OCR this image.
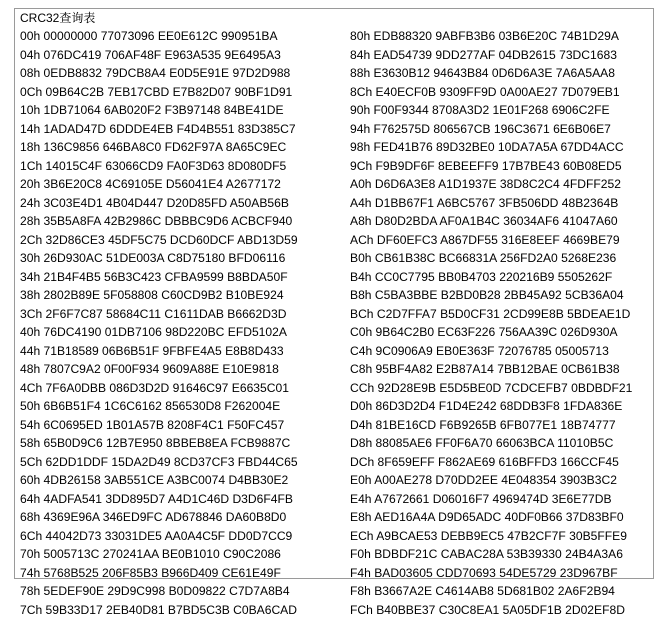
CRC32查询表
00h 00000000 77073096 EE0E612C 990951BA
04h 076DC419 706AF48F E963A535 9E6495A3
08h 0EDB8832 79DCB8A4 E0D5E91E 97D2D988
0Ch 09B64C2B 7EB17CBD E7B82D07 90BF1D91
10h 1DB71064 6AB020F2 F3B97148 84BE41DE
14h 1ADAD47D 6DDDE4EB F4D4B551 83D385C7
18h 136C9856 646BA8C0 FD62F97A 8A65C9EC
1Ch 14015C4F 63066CD9 FA0F3D63 8D080DF5
20h 3B6E20C8 4C69105E D56041E4 A2677172
24h 3C03E4D1 4B04D447 D20D85FD A50AB56B
28h 35B5A8FA 42B2986C DBBBC9D6 ACBCF940
2Ch 32D86CE3 45DF5C75 DCD60DCF ABD13D59
30h 26D930AC 51DE003A C8D75180 BFD06116
34h 21B4F4B5 56B3C423 CFBA9599 B8BDA50F
38h 2802B89E 5F058808 C60CD9B2 B10BE924
3Ch 2F6F7C87 58684C11 C1611DAB B6662D3D
40h 76DC4190 01DB7106 98D220BC EFD5102A
44h 71B18589 06B6B51F 9FBFE4A5 E8B8D433
48h 7807C9A2 0F00F934 9609A88E E10E9818
4Ch 7F6A0DBB 086D3D2D 91646C97 E6635C01
50h 6B6B51F4 1C6C6162 856530D8 F262004E
54h 6C0695ED 1B01A57B 8208F4C1 F50FC457
58h 65B0D9C6 12B7E950 8BBEB8EA FCB9887C
5Ch 62DD1DDF 15DA2D49 8CD37CF3 FBD44C65
60h 4DB26158 3AB551CE A3BC0074 D4BB30E2
64h 4ADFA541 3DD895D7 A4D1C46D D3D6F4FB
68h 4369E96A 346ED9FC AD678846 DA60B8D0
6Ch 44042D73 33031DE5 AA0A4C5F DD0D7CC9
70h 5005713C 270241AA BE0B1010 C90C2086
74h 5768B525 206F85B3 B966D409 CE61E49F
78h 5EDEF90E 29D9C998 B0D09822 C7D7A8B4
7Ch 59B33D17 2EB40D81 B7BD5C3B C0BA6CAD
80h EDB88320 9ABFB3B6 03B6E20C 74B1D29A
84h EAD54739 9DD277AF 04DB2615 73DC1683
88h E3630B12 94643B84 0D6D6A3E 7A6A5AA8
8Ch E40ECF0B 9309FF9D 0A00AE27 7D079EB1
90h F00F9344 8708A3D2 1E01F268 6906C2FE
94h F762575D 806567CB 196C3671 6E6B06E7
98h FED41B76 89D32BE0 10DA7A5A 67DD4ACC
9Ch F9B9DF6F 8EBEEFF9 17B7BE43 60B08ED5
A0h D6D6A3E8 A1D1937E 38D8C2C4 4FDFF252
A4h D1BB67F1 A6BC5767 3FB506DD 48B2364B
A8h D80D2BDA AF0A1B4C 36034AF6 41047A60
ACh DF60EFC3 A867DF55 316E8EEF 4669BE79
B0h CB61B38C BC66831A 256FD2A0 5268E236
B4h CC0C7795 BB0B4703 220216B9 5505262F
B8h C5BA3BBE B2BD0B28 2BB45A92 5CB36A04
BCh C2D7FFA7 B5D0CF31 2CD99E8B 5BDEAE1D
C0h 9B64C2B0 EC63F226 756AA39C 026D930A
C4h 9C0906A9 EB0E363F 72076785 05005713
C8h 95BF4A82 E2B87A14 7BB12BAE 0CB61B38
CCh 92D28E9B E5D5BE0D 7CDCEFB7 0BDBDF21
D0h 86D3D2D4 F1D4E242 68DDB3F8 1FDA836E
D4h 81BE16CD F6B9265B 6FB077E1 18B74777
D8h 88085AE6 FF0F6A70 66063BCA 11010B5C
DCh 8F659EFF F862AE69 616BFFD3 166CCF45
E0h A00AE278 D70DD2EE 4E048354 3903B3C2
E4h A7672661 D06016F7 4969474D 3E6E77DB
E8h AED16A4A D9D65ADC 40DF0B66 37D83BF0
ECh A9BCAE53 DEBB9EC5 47B2CF7F 30B5FFE9
F0h BDBDF21C CABAC28A 53B39330 24B4A3A6
F4h BAD03605 CDD70693 54DE5729 23D967BF
F8h B3667A2E C4614AB8 5D681B02 2A6F2B94
FCh B40BBE37 C30C8EA1 5A05DF1B 2D02EF8D
